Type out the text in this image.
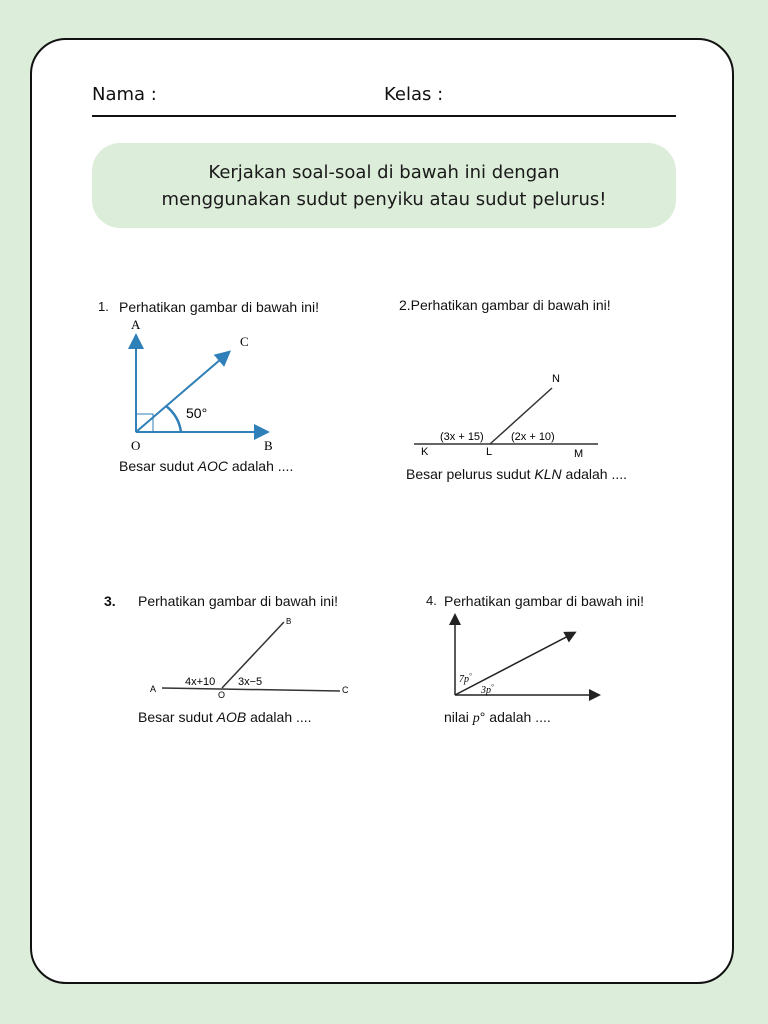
Nama :	Kelas :
Kerjakan soal-soal di bawah ini dengan
menggunakan sudut penyiku atau sudut pelurus!
1. Perhatikan gambar di bawah ini!
A
C
50°
O	B
Besar sudut AOC adalah ....
2.Perhatikan gambar di bawah ini!
N
(3x + 15) (2x + 10)
K	L	M
Besar pelurus sudut KLN adalah ....
3. Perhatikan gambar di bawah ini!
B
4x+10 3x−5
A
O	C
Besar sudut AOB adalah ....
4. Perhatikan gambar di bawah ini!
7p°
3p°
nilai p° adalah ....
